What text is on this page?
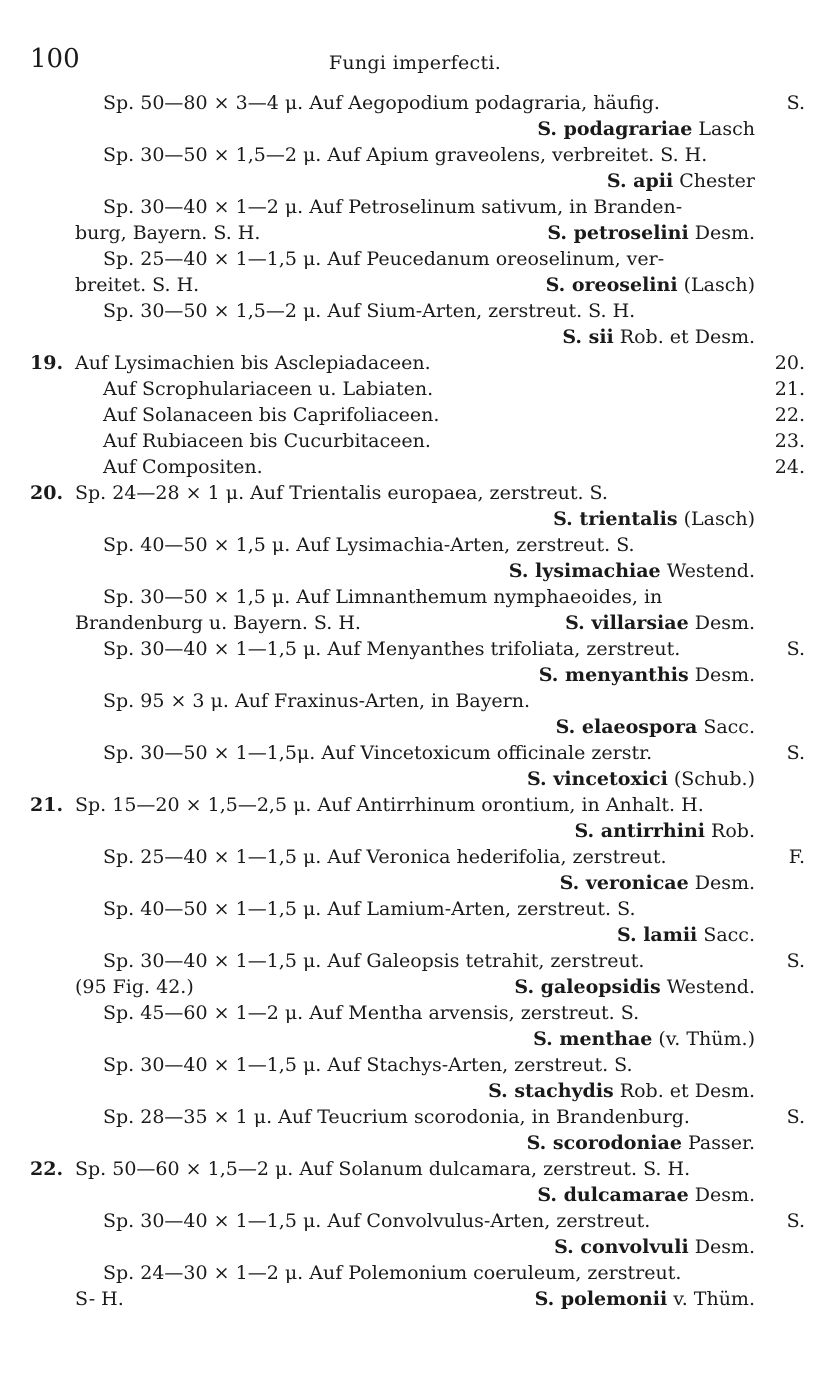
100	Fungi imperfecti.
Sp. 50—80 × 3—4 μ. Auf Aegopodium podagraria, häufig.	S.
S. podagrariae Lasch
Sp. 30—50 × 1,5—2 μ. Auf Apium graveolens, verbreitet. S. H.
S. apii Chester
Sp. 30—40 × 1—2 μ. Auf Petroselinum sativum, in Branden-
burg, Bayern. S. H.	S. petroselini Desm.
Sp. 25—40 × 1—1,5 μ. Auf Peucedanum oreoselinum, ver-
breitet. S. H.	S. oreoselini (Lasch)
Sp. 30—50 × 1,5—2 μ. Auf Sium-Arten, zerstreut. S. H.
S. sii Rob. et Desm.
19. Auf Lysimachien bis Asclepiadaceen.	20.
Auf Scrophulariaceen u. Labiaten.	21.
Auf Solanaceen bis Caprifoliaceen.	22.
Auf Rubiaceen bis Cucurbitaceen.	23.
Auf Compositen.	24.
20. Sp. 24—28 × 1 μ. Auf Trientalis europaea, zerstreut. S.
S. trientalis (Lasch)
Sp. 40—50 × 1,5 μ. Auf Lysimachia-Arten, zerstreut. S.
S. lysimachiae Westend.
Sp. 30—50 × 1,5 μ. Auf Limnanthemum nymphaeoides, in
Brandenburg u. Bayern. S. H.	S. villarsiae Desm.
Sp. 30—40 × 1—1,5 μ. Auf Menyanthes trifoliata, zerstreut.	S.
S. menyanthis Desm.
Sp. 95 × 3 μ. Auf Fraxinus-Arten, in Bayern.
S. elaeospora Sacc.
Sp. 30—50 × 1—1,5μ. Auf Vincetoxicum officinale zerstr.	S.
S. vincetoxici (Schub.)
21. Sp. 15—20 × 1,5—2,5 μ. Auf Antirrhinum orontium, in Anhalt. H.
S. antirrhini Rob.
Sp. 25—40 × 1—1,5 μ. Auf Veronica hederifolia, zerstreut.	F.
S. veronicae Desm.
Sp. 40—50 × 1—1,5 μ. Auf Lamium-Arten, zerstreut. S.
S. lamii Sacc.
Sp. 30—40 × 1—1,5 μ. Auf Galeopsis tetrahit, zerstreut.	S.
(95 Fig. 42.)	S. galeopsidis Westend.
Sp. 45—60 × 1—2 μ. Auf Mentha arvensis, zerstreut. S.
S. menthae (v. Thüm.)
Sp. 30—40 × 1—1,5 μ. Auf Stachys-Arten, zerstreut. S.
S. stachydis Rob. et Desm.
Sp. 28—35 × 1 μ. Auf Teucrium scorodonia, in Brandenburg.	S.
S. scorodoniae Passer.
22. Sp. 50—60 × 1,5—2 μ. Auf Solanum dulcamara, zerstreut. S. H.
S. dulcamarae Desm.
Sp. 30—40 × 1—1,5 μ. Auf Convolvulus-Arten, zerstreut.	S.
S. convolvuli Desm.
Sp. 24—30 × 1—2 μ. Auf Polemonium coeruleum, zerstreut.
S- H.	S. polemonii v. Thüm.
